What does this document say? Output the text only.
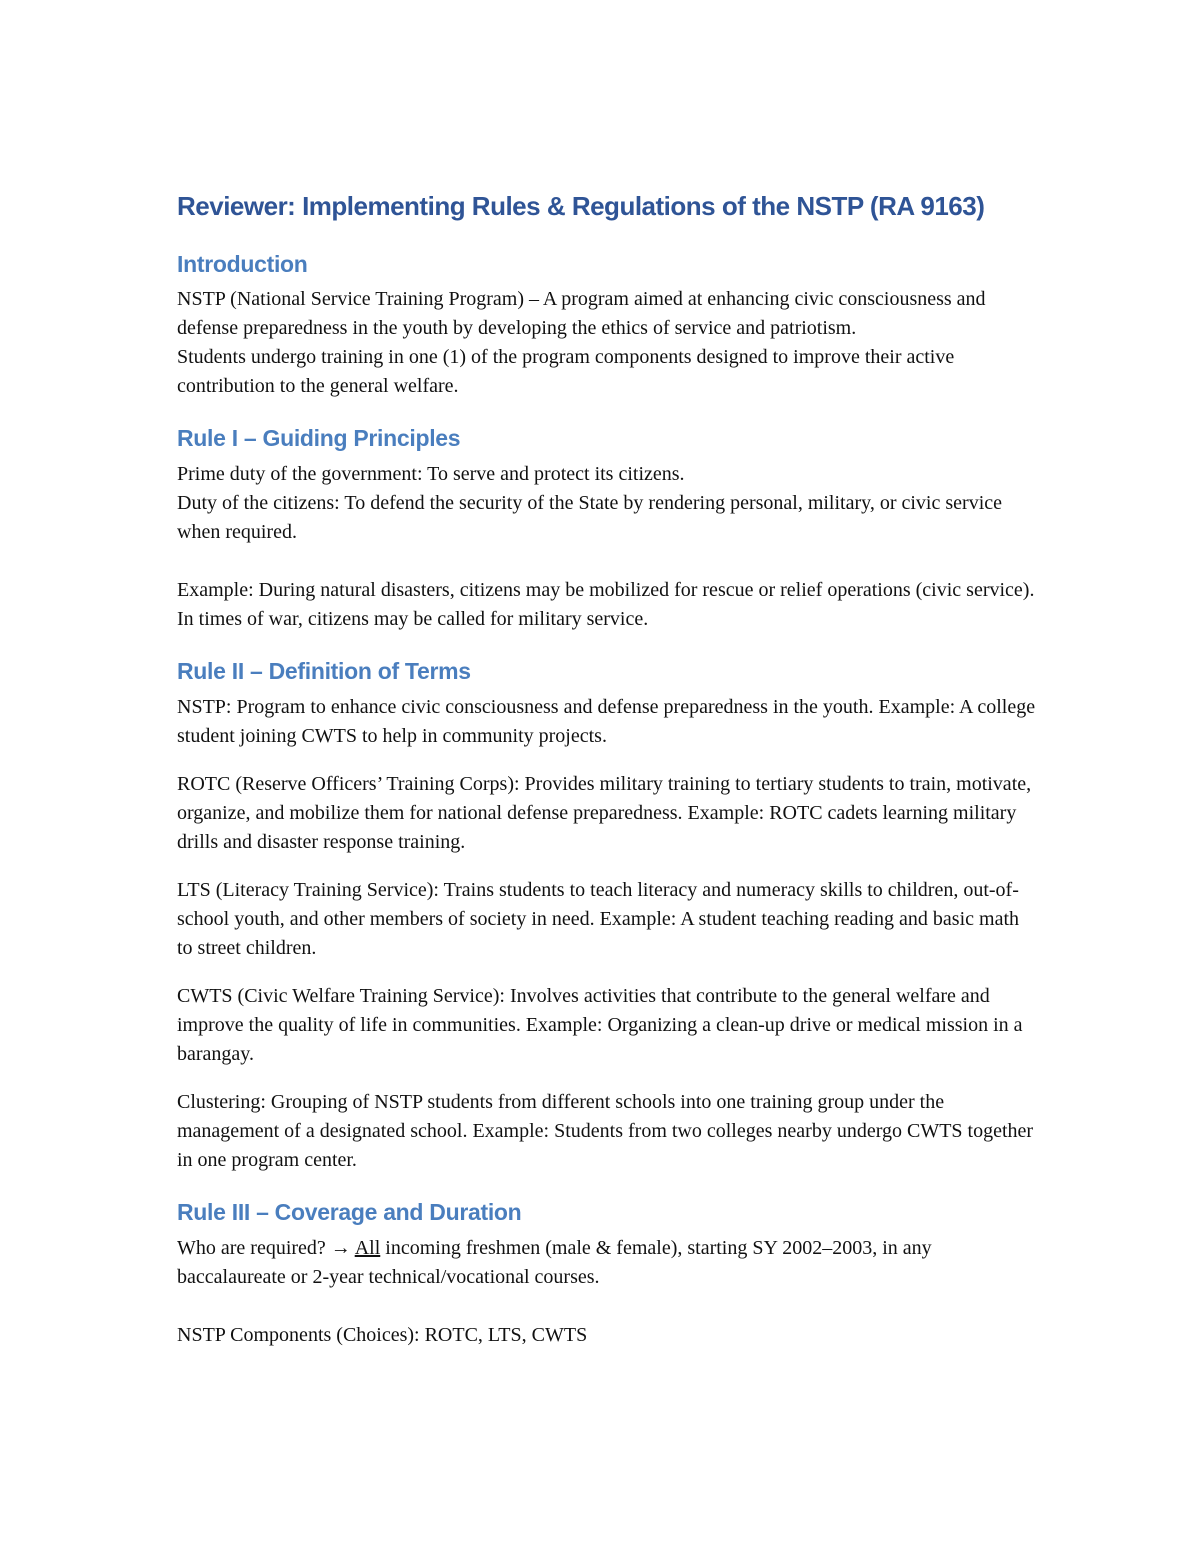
Reviewer: Implementing Rules & Regulations of the NSTP (RA 9163)
Introduction

NSTP (National Service Training Program) – A program aimed at enhancing civic consciousness and defense preparedness in the youth by developing the ethics of service and patriotism.

Students undergo training in one (1) of the program components designed to improve their active contribution to the general welfare.

Rule I – Guiding Principles

Prime duty of the government: To serve and protect its citizens.

Duty of the citizens: To defend the security of the State by rendering personal, military, or civic service when required.

Example: During natural disasters, citizens may be mobilized for rescue or relief operations (civic service). In times of war, citizens may be called for military service.

Rule II – Definition of Terms

NSTP: Program to enhance civic consciousness and defense preparedness in the youth. Example: A college student joining CWTS to help in community projects.

ROTC (Reserve Officers’ Training Corps): Provides military training to tertiary students to train, motivate, organize, and mobilize them for national defense preparedness. Example: ROTC cadets learning military drills and disaster response training.

LTS (Literacy Training Service): Trains students to teach literacy and numeracy skills to children, out-of-school youth, and other members of society in need. Example: A student teaching reading and basic math to street children.

CWTS (Civic Welfare Training Service): Involves activities that contribute to the general welfare and improve the quality of life in communities. Example: Organizing a clean-up drive or medical mission in a barangay.

Clustering: Grouping of NSTP students from different schools into one training group under the management of a designated school. Example: Students from two colleges nearby undergo CWTS together in one program center.

Rule III – Coverage and Duration

Who are required? → All incoming freshmen (male & female), starting SY 2002–2003, in any baccalaureate or 2-year technical/vocational courses.

NSTP Components (Choices): ROTC, LTS, CWTS
